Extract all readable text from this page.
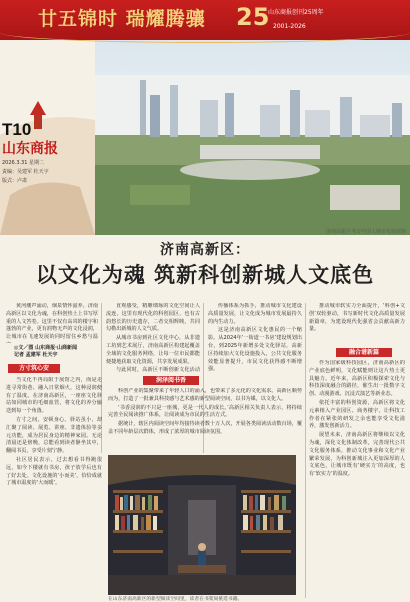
廿五锦时 瑞耀腾骧 25
山东商报创刊25周年
2001-2026
T10
山东商报
2026.3.31 星期二
责编：吴建军 杜天宇
版式：卢肃
济南高新区考古中国人城市发展现场
济南高新区：
以文化为魂 筑新科创新城人文底色

黄河潮声涌动，烟泉情怀滋养。济南高新区以文化为魂，在科创热土上书写厚重的人文答卷。这里不仅有高耸的楼宇和蓬勃的产业，更有润物无声的文化浸润，让城市在飞速发展的同时留住乡愁与温

◎文／图 山东商报·山商新闻
记者 孟建军 杜天宇
方寸筑心安

当文化不再局限于展馆之内，而是走进寻常街巷、融入日常烟火，这种浸润便有了温度。在济南高新区，一座座文化驿站如同城市的毛细血管，将文化的养分输送到每一个角落。

方寸之间，安顿身心。驿站虽小，却汇聚了阅读、展览、讲座、非遗体验等多元功能，成为居民身边的精神家园。无论清晨还是傍晚，总能看到读者静坐其中，翻阅书页，享受片刻宁静。

社区居民表示，过去想看书得跑很远，如今下楼就有书房，孩子放学后也有了好去处。文化设施的‘小而美’，恰恰成就了城市温度的‘大而暖’。

直观感受，精雕细琢的文化空间让人流连。这里有现代化的科创园区，也有古韵悠长的历史遗存，二者交相辉映，共同勾勒出新城的人文气质。

从城市书房到社区文化中心，从非遗工坊到艺术展厅，济南高新区构建起覆盖全域的文化服务网络，让每一位市民都能便捷地获取文化资源，共享发展成果。

与此同时，高新区不断创新文化活动

传播体系为抓手，推动城市文化建设高质量发展，让文化成为城市发展最持久的内生动力。

这是济南高新区文化惠民的一个缩影。从2024年‘一街道一书房’建设规划出台，到2025年新增多处文化驿站，高新区持续加大文化设施投入，公共文化服务效能显著提升，市民文化获得感不断增强。

润泽阅书香

科创产业的集聚带来了年轻人口的涌入，也带来了多元化的文化需求。高新区顺势而为，打造了一批兼具科技感与艺术感的新型阅读空间，以书为媒，以文化人。

‘书香浸润的不只是一座城，更是一代人的成长。’高新区相关负责人表示，将持续完善全民阅读推广体系，让阅读成为市民的生活方式。

据统计，辖区内阅读空间年均接待读者数十万人次，开展各类阅读活动数百场，覆盖不同年龄层次群体，形成了浓厚的城市阅读氛围。

在山东济南高新区的新型阅读空间里，读者在书架间挑选书籍。

推动城市软实力全面提升，‘科创+文创’双轮驱动，书写新时代文化高质量发展新篇章，为建设现代化强省会贡献高新力量。

融合谱新篇

作为国家级科技园区，济南高新区的产业底色鲜明，文化赋能则让这片热土更具魅力。近年来，高新区积极探索文化与科技深度融合的路径，催生出一批数字文创、动漫游戏、沉浸式演艺等新业态。

依托丰富的科创资源，高新区将文化元素植入产业园区、商务楼宇，让科技工作者在紧张的研发之余也能享受文化滋养，激发创新活力。

展望未来，济南高新区将继续以文化为魂，深化文化体制改革，完善现代公共文化服务体系，推动文化事业和文化产业繁荣发展，为科创新城注入更加深厚的人文底色，让城市既有‘硬实力’的高度，也有‘软实力’的温度。
